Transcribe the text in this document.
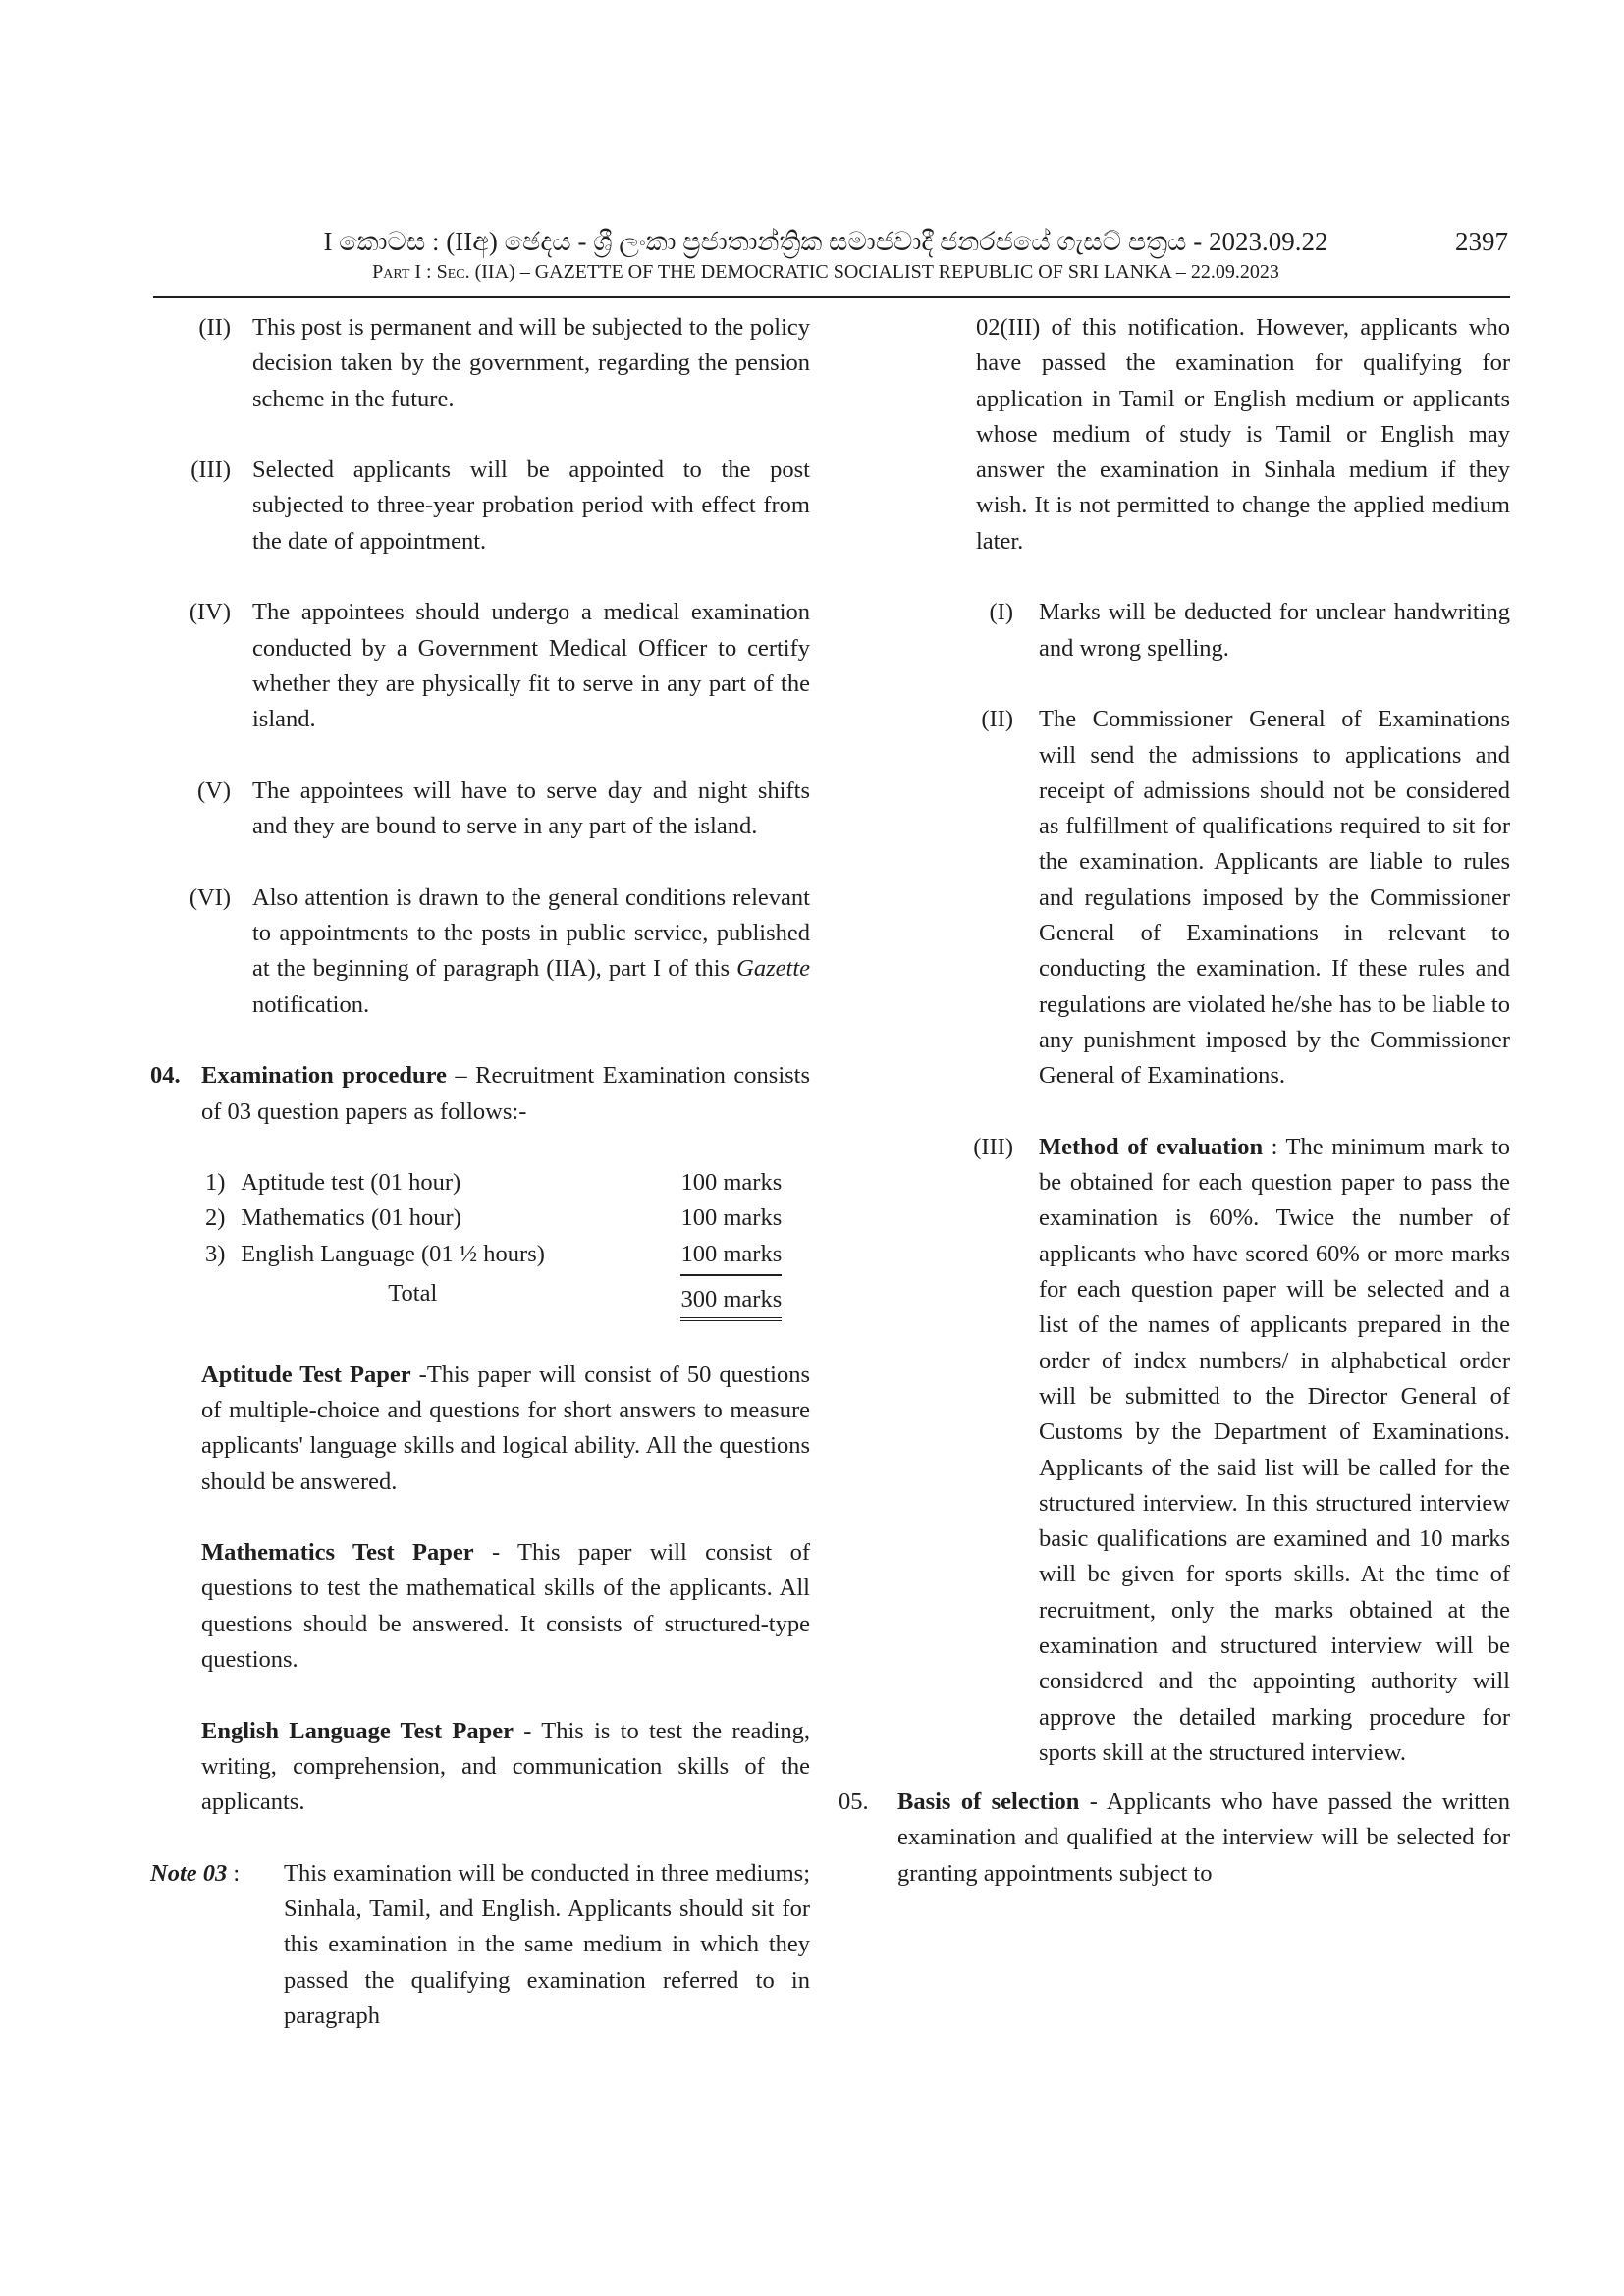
I කොටස : (IIඅ) ඡෙදය - ශ්‍රී ලංකා ප්‍රජාතාන්ත්‍රික සමාජවාදී ජනරජයේ ගැසට් පත්‍රය - 2023.09.22
Part I : Sec. (IIA) – GAZETTE OF THE DEMOCRATIC SOCIALIST REPUBLIC OF SRI LANKA – 22.09.2023
2397
(II) This post is permanent and will be subjected to the policy decision taken by the government, regarding the pension scheme in the future.
(III) Selected applicants will be appointed to the post subjected to three-year probation period with effect from the date of appointment.
(IV) The appointees should undergo a medical examination conducted by a Government Medical Officer to certify whether they are physically fit to serve in any part of the island.
(V) The appointees will have to serve day and night shifts and they are bound to serve in any part of the island.
(VI) Also attention is drawn to the general conditions relevant to appointments to the posts in public service, published at the beginning of paragraph (IIA), part I of this Gazette notification.
04. Examination procedure – Recruitment Examination consists of 03 question papers as follows:-
1)	Aptitude test (01 hour)	100 marks
2)	Mathematics (01 hour)	100 marks
3)	English Language (01 ½ hours)	100 marks
	Total	300 marks
Aptitude Test Paper -This paper will consist of 50 questions of multiple-choice and questions for short answers to measure applicants' language skills and logical ability. All the questions should be answered.
Mathematics Test Paper - This paper will consist of questions to test the mathematical skills of the applicants. All questions should be answered. It consists of structured-type questions.
English Language Test Paper - This is to test the reading, writing, comprehension, and communication skills of the applicants.
Note 03 : This examination will be conducted in three mediums; Sinhala, Tamil, and English. Applicants should sit for this examination in the same medium in which they passed the qualifying examination referred to in paragraph
02(III) of this notification. However, applicants who have passed the examination for qualifying for application in Tamil or English medium or applicants whose medium of study is Tamil or English may answer the examination in Sinhala medium if they wish. It is not permitted to change the applied medium later.
(I) Marks will be deducted for unclear handwriting and wrong spelling.
(II) The Commissioner General of Examinations will send the admissions to applications and receipt of admissions should not be considered as fulfillment of qualifications required to sit for the examination. Applicants are liable to rules and regulations imposed by the Commissioner General of Examinations in relevant to conducting the examination. If these rules and regulations are violated he/she has to be liable to any punishment imposed by the Commissioner General of Examinations.
(III) Method of evaluation : The minimum mark to be obtained for each question paper to pass the examination is 60%. Twice the number of applicants who have scored 60% or more marks for each question paper will be selected and a list of the names of applicants prepared in the order of index numbers/ in alphabetical order will be submitted to the Director General of Customs by the Department of Examinations. Applicants of the said list will be called for the structured interview. In this structured interview basic qualifications are examined and 10 marks will be given for sports skills. At the time of recruitment, only the marks obtained at the examination and structured interview will be considered and the appointing authority will approve the detailed marking procedure for sports skill at the structured interview.
05.	Basis of selection - Applicants who have passed the written examination and qualified at the interview will be selected for granting appointments subject to
